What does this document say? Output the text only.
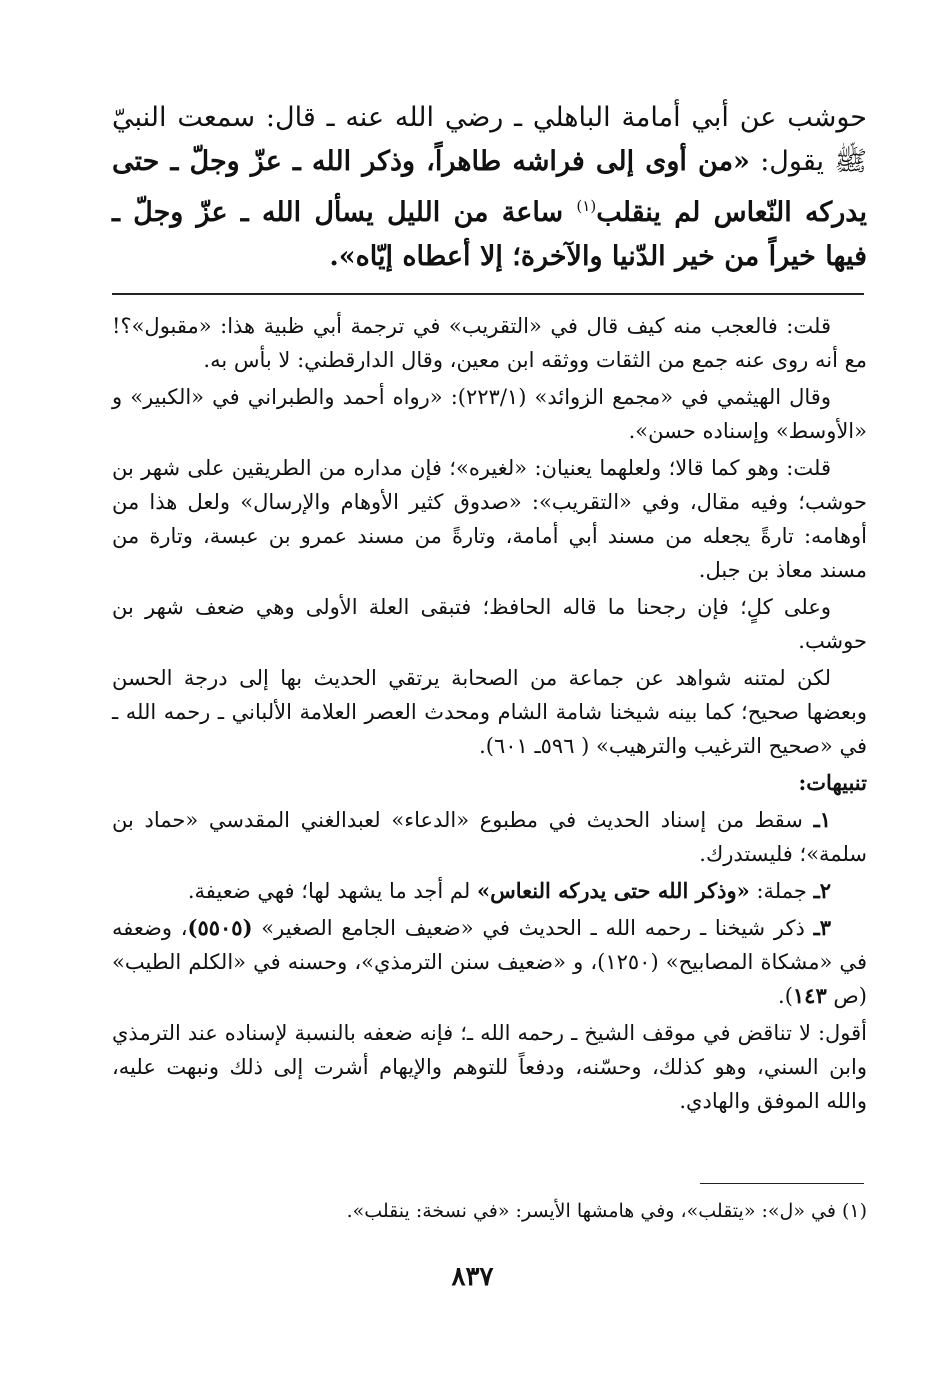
حوشب عن أبي أمامة الباهلي ـ رضي الله عنه ـ قال: سمعت النبيّ ﷺ يقول: «من أوى إلى فراشه طاهراً، وذكر الله ـ عزّ وجلّ ـ حتى يدركه النّعاس لم ينقلب$^{(١)}$ ساعة من الليل يسأل الله ـ عزّ وجلّ ـ فيها خيراً من خير الدّنيا والآخرة؛ إلا أعطاه إيّاه».

قلت: فالعجب منه كيف قال في «التقريب» في ترجمة أبي ظبية هذا: «مقبول»؟! مع أنه روى عنه جمع من الثقات ووثقه ابن معين، وقال الدارقطني: لا بأس به.

وقال الهيثمي في «مجمع الزوائد» (٢٢٣/١): «رواه أحمد والطبراني في «الكبير» و «الأوسط» وإسناده حسن».

قلت: وهو كما قالا؛ ولعلهما يعنيان: «لغيره»؛ فإن مداره من الطريقين على شهر بن حوشب؛ وفيه مقال، وفي «التقريب»: «صدوق كثير الأوهام والإرسال» ولعل هذا من أوهامه: تارةً يجعله من مسند أبي أمامة، وتارةً من مسند عمرو بن عبسة، وتارة من مسند معاذ بن جبل.

وعلى كلٍ؛ فإن رجحنا ما قاله الحافظ؛ فتبقى العلة الأولى وهي ضعف شهر بن حوشب.

لكن لمتنه شواهد عن جماعة من الصحابة يرتقي الحديث بها إلى درجة الحسن وبعضها صحيح؛ كما بينه شيخنا شامة الشام ومحدث العصر العلامة الألباني ـ رحمه الله ـ في «صحيح الترغيب والترهيب» ( ٥٩٦ـ ٦٠١).

تنبيهات:

١ـ سقط من إسناد الحديث في مطبوع «الدعاء» لعبدالغني المقدسي «حماد بن سلمة»؛ فليستدرك.

٢ـ جملة: «وذكر الله حتى يدركه النعاس» لم أجد ما يشهد لها؛ فهي ضعيفة.

٣ـ ذكر شيخنا ـ رحمه الله ـ الحديث في «ضعيف الجامع الصغير» (٥٥٠٥)، وضعفه في «مشكاة المصابيح» (١٢٥٠)، و «ضعيف سنن الترمذي»، وحسنه في «الكلم الطيب» (ص ١٤٣).

أقول: لا تناقض في موقف الشيخ ـ رحمه الله ـ؛ فإنه ضعفه بالنسبة لإسناده عند الترمذي وابن السني، وهو كذلك، وحسّنه، ودفعاً للتوهم والإيهام أشرت إلى ذلك ونبهت عليه، والله الموفق والهادي.

(١) في «ل»: «يتقلب»، وفي هامشها الأيسر: «في نسخة: ينقلب».
٨٣٧
